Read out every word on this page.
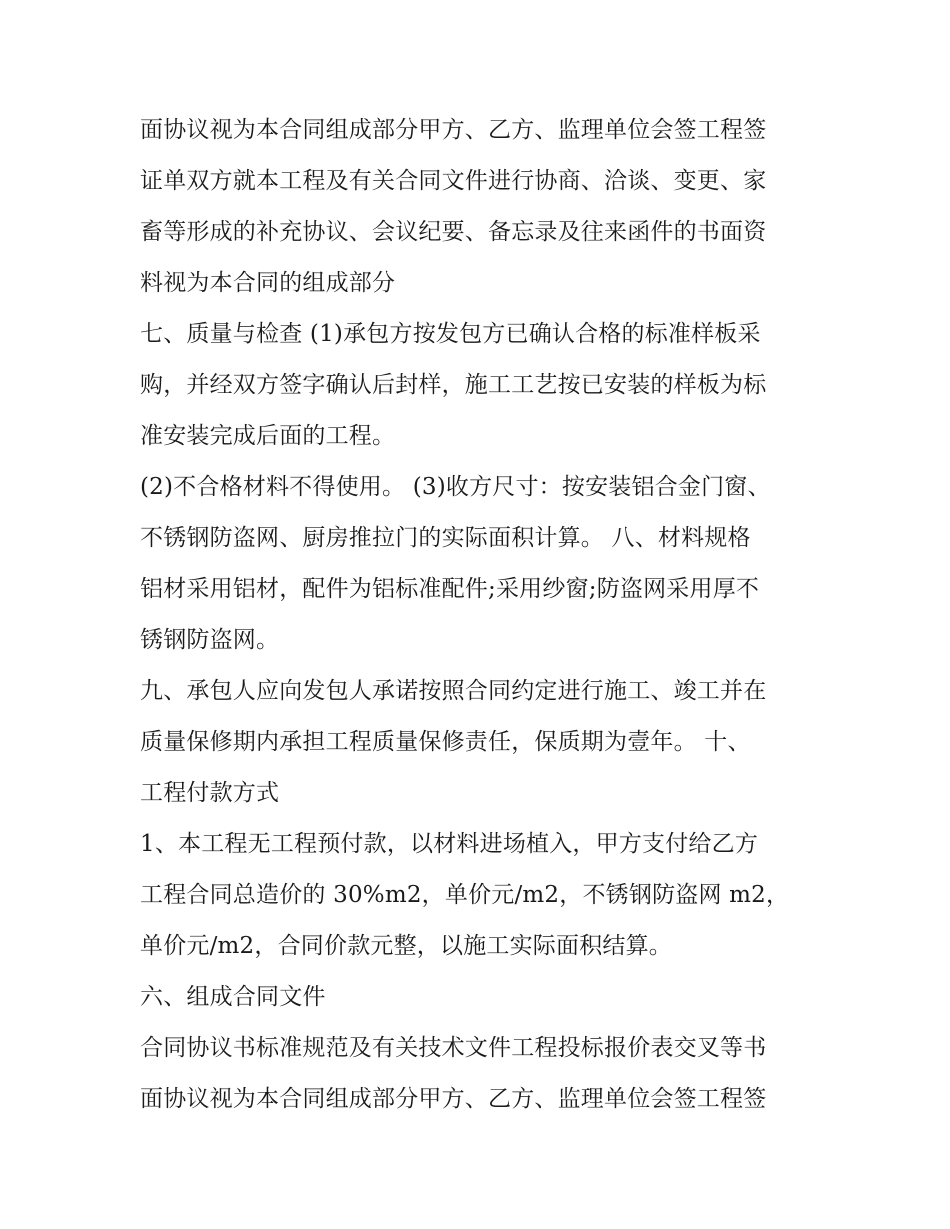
面协议视为本合同组成部分甲方、乙方、监理单位会签工程签
证单双方就本工程及有关合同文件进行协商、洽谈、变更、家
畜等形成的补充协议、会议纪要、备忘录及往来函件的书面资
料视为本合同的组成部分
七、质量与检查 (1)承包方按发包方已确认合格的标准样板采
购，并经双方签字确认后封样，施工工艺按已安装的样板为标
准安装完成后面的工程。
(2)不合格材料不得使用。 (3)收方尺寸：按安装铝合金门窗、
不锈钢防盗网、厨房推拉门的实际面积计算。 八、材料规格
铝材采用铝材，配件为铝标准配件;采用纱窗;防盗网采用厚不
锈钢防盗网。
九、承包人应向发包人承诺按照合同约定进行施工、竣工并在
质量保修期内承担工程质量保修责任，保质期为壹年。 十、
工程付款方式
1、本工程无工程预付款，以材料进场植入，甲方支付给乙方
工程合同总造价的 30%m2，单价元/m2，不锈钢防盗网 m2，
单价元/m2，合同价款元整，以施工实际面积结算。
六、组成合同文件
合同协议书标准规范及有关技术文件工程投标报价表交叉等书
面协议视为本合同组成部分甲方、乙方、监理单位会签工程签
